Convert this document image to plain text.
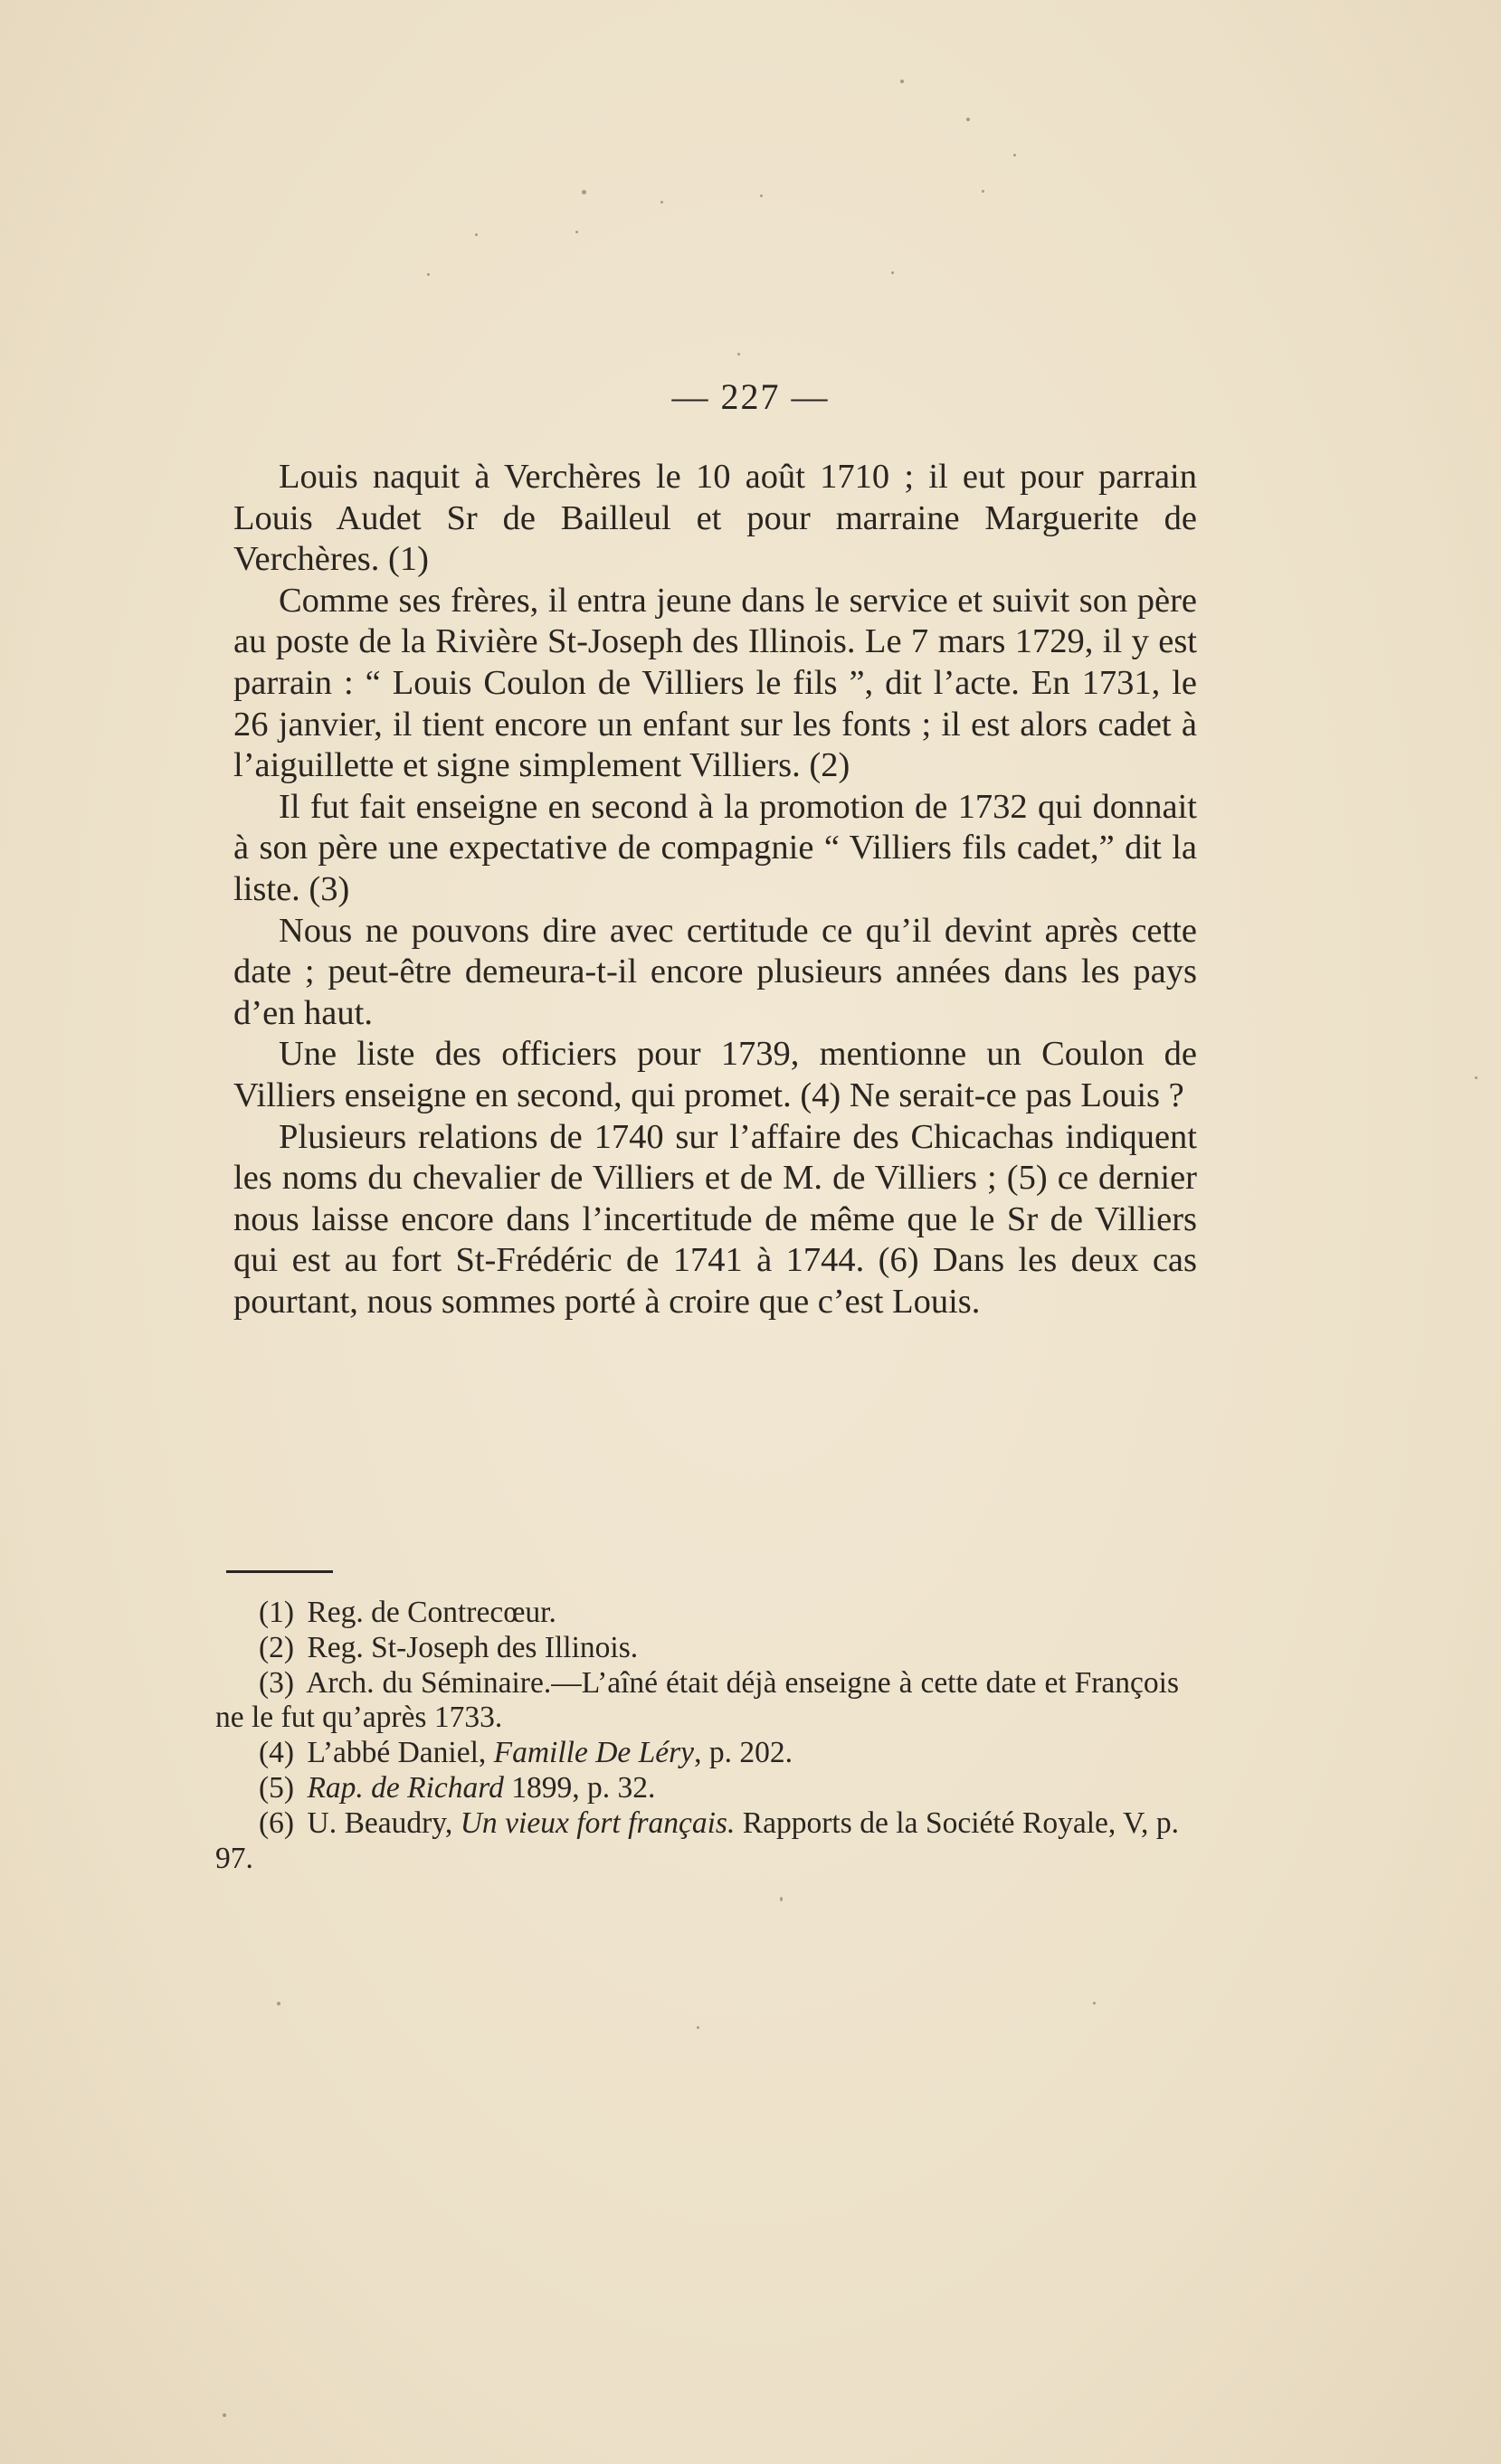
— 227 —

Louis naquit à Verchères le 10 août 1710 ; il eut pour parrain Louis Audet Sr de Bailleul et pour marraine Marguerite de Verchères. (1)

Comme ses frères, il entra jeune dans le service et suivit son père au poste de la Rivière St-Joseph des Illinois. Le 7 mars 1729, il y est parrain : “ Louis Coulon de Villiers le fils ”, dit l’acte. En 1731, le 26 janvier, il tient encore un enfant sur les fonts ; il est alors cadet à l’aiguillette et signe simplement Villiers. (2)

Il fut fait enseigne en second à la promotion de 1732 qui donnait à son père une expectative de compagnie “ Villiers fils cadet,” dit la liste. (3)

Nous ne pouvons dire avec certitude ce qu’il devint après cette date ; peut-être demeura-t-il encore plusieurs années dans les pays d’en haut.

Une liste des officiers pour 1739, mentionne un Coulon de Villiers enseigne en second, qui promet. (4) Ne serait-ce pas Louis ?

Plusieurs relations de 1740 sur l’affaire des Chicachas indiquent les noms du chevalier de Villiers et de M. de Villiers ; (5) ce dernier nous laisse encore dans l’incertitude de même que le Sr de Villiers qui est au fort St-Frédéric de 1741 à 1744. (6) Dans les deux cas pourtant, nous sommes porté à croire que c’est Louis.

(1) Reg. de Contrecœur.

(2) Reg. St-Joseph des Illinois.

(3) Arch. du Séminaire.—L’aîné était déjà enseigne à cette date et François ne le fut qu’après 1733.

(4) L’abbé Daniel, Famille De Léry, p. 202.

(5) Rap. de Richard 1899, p. 32.

(6) U. Beaudry, Un vieux fort français. Rapports de la Société Royale, V, p. 97.
